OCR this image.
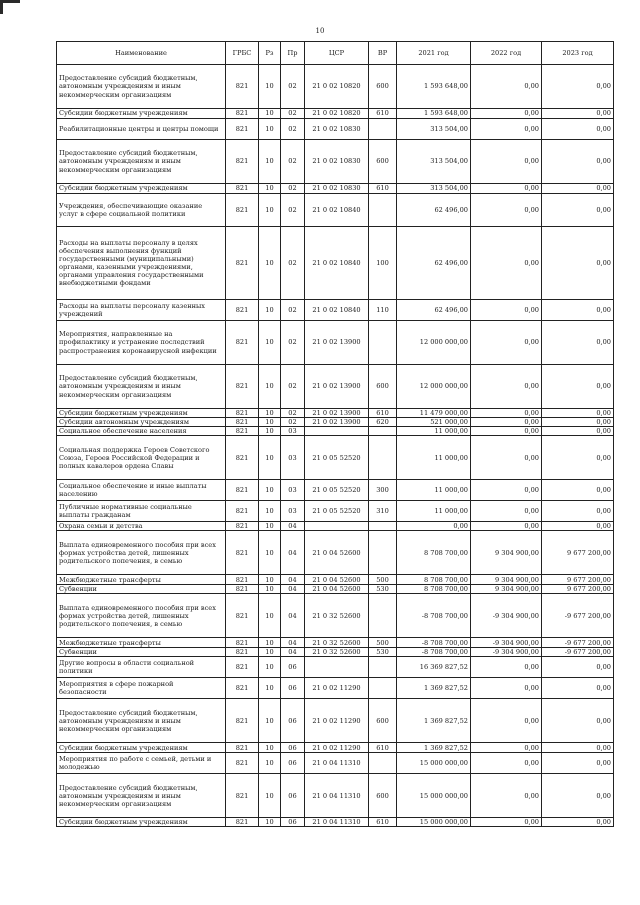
10
Наименование	ГРБС	Рз	Пр	ЦСР	ВР	2021 год	2022 год	2023 год
Предоставление субсидий бюджетным, автономным учреждениям и иным некоммерческим организациям	821	10	02	21 0 02 10820	600	1 593 648,00	0,00	0,00
Субсидии бюджетным учреждениям	821	10	02	21 0 02 10820	610	1 593 648,00	0,00	0,00
Реабилитационные центры и центры помощи	821	10	02	21 0 02 10830		313 504,00	0,00	0,00
Предоставление субсидий бюджетным, автономным учреждениям и иным некоммерческим организациям	821	10	02	21 0 02 10830	600	313 504,00	0,00	0,00
Субсидии бюджетным учреждениям	821	10	02	21 0 02 10830	610	313 504,00	0,00	0,00
Учреждения, обеспечивающие оказание услуг в сфере социальной политики	821	10	02	21 0 02 10840		62 496,00	0,00	0,00
Расходы на выплаты персоналу в целях обеспечения выполнения функций государственными (муниципальными) органами, казенными учреждениями, органами управления государственными внебюджетными фондами	821	10	02	21 0 02 10840	100	62 496,00	0,00	0,00
Расходы на выплаты персоналу казенных учреждений	821	10	02	21 0 02 10840	110	62 496,00	0,00	0,00
Мероприятия, направленные на профилактику и устранение последствий распространения коронавирусной инфекции	821	10	02	21 0 02 13900		12 000 000,00	0,00	0,00
Предоставление субсидий бюджетным, автономным учреждениям и иным некоммерческим организациям	821	10	02	21 0 02 13900	600	12 000 000,00	0,00	0,00
Субсидии бюджетным учреждениям	821	10	02	21 0 02 13900	610	11 479 000,00	0,00	0,00
Субсидии автономным учреждениям	821	10	02	21 0 02 13900	620	521 000,00	0,00	0,00
Социальное обеспечение населения	821	10	03			11 000,00	0,00	0,00
Социальная поддержка Героев Советского Союза, Героев Российской Федерации и полных кавалеров ордена Славы	821	10	03	21 0 05 52520		11 000,00	0,00	0,00
Социальное обеспечение и иные выплаты населению	821	10	03	21 0 05 52520	300	11 000,00	0,00	0,00
Публичные нормативные социальные выплаты гражданам	821	10	03	21 0 05 52520	310	11 000,00	0,00	0,00
Охрана семьи и детства	821	10	04			0,00	0,00	0,00
Выплата единовременного пособия при всех формах устройства детей, лишенных родительского попечения, в семью	821	10	04	21 0 04 52600		8 708 700,00	9 304 900,00	9 677 200,00
Межбюджетные трансферты	821	10	04	21 0 04 52600	500	8 708 700,00	9 304 900,00	9 677 200,00
Субвенции	821	10	04	21 0 04 52600	530	8 708 700,00	9 304 900,00	9 677 200,00
Выплата единовременного пособия при всех формах устройства детей, лишенных родительского попечения, в семью	821	10	04	21 0 32 52600		-8 708 700,00	-9 304 900,00	-9 677 200,00
Межбюджетные трансферты	821	10	04	21 0 32 52600	500	-8 708 700,00	-9 304 900,00	-9 677 200,00
Субвенции	821	10	04	21 0 32 52600	530	-8 708 700,00	-9 304 900,00	-9 677 200,00
Другие вопросы в области социальной политики	821	10	06			16 369 827,52	0,00	0,00
Мероприятия в сфере пожарной безопасности	821	10	06	21 0 02 11290		1 369 827,52	0,00	0,00
Предоставление субсидий бюджетным, автономным учреждениям и иным некоммерческим организациям	821	10	06	21 0 02 11290	600	1 369 827,52	0,00	0,00
Субсидии бюджетным учреждениям	821	10	06	21 0 02 11290	610	1 369 827,52	0,00	0,00
Мероприятия по работе с семьей, детьми и молодежью	821	10	06	21 0 04 11310		15 000 000,00	0,00	0,00
Предоставление субсидий бюджетным, автономным учреждениям и иным некоммерческим организациям	821	10	06	21 0 04 11310	600	15 000 000,00	0,00	0,00
Субсидии бюджетным учреждениям	821	10	06	21 0 04 11310	610	15 000 000,00	0,00	0,00
